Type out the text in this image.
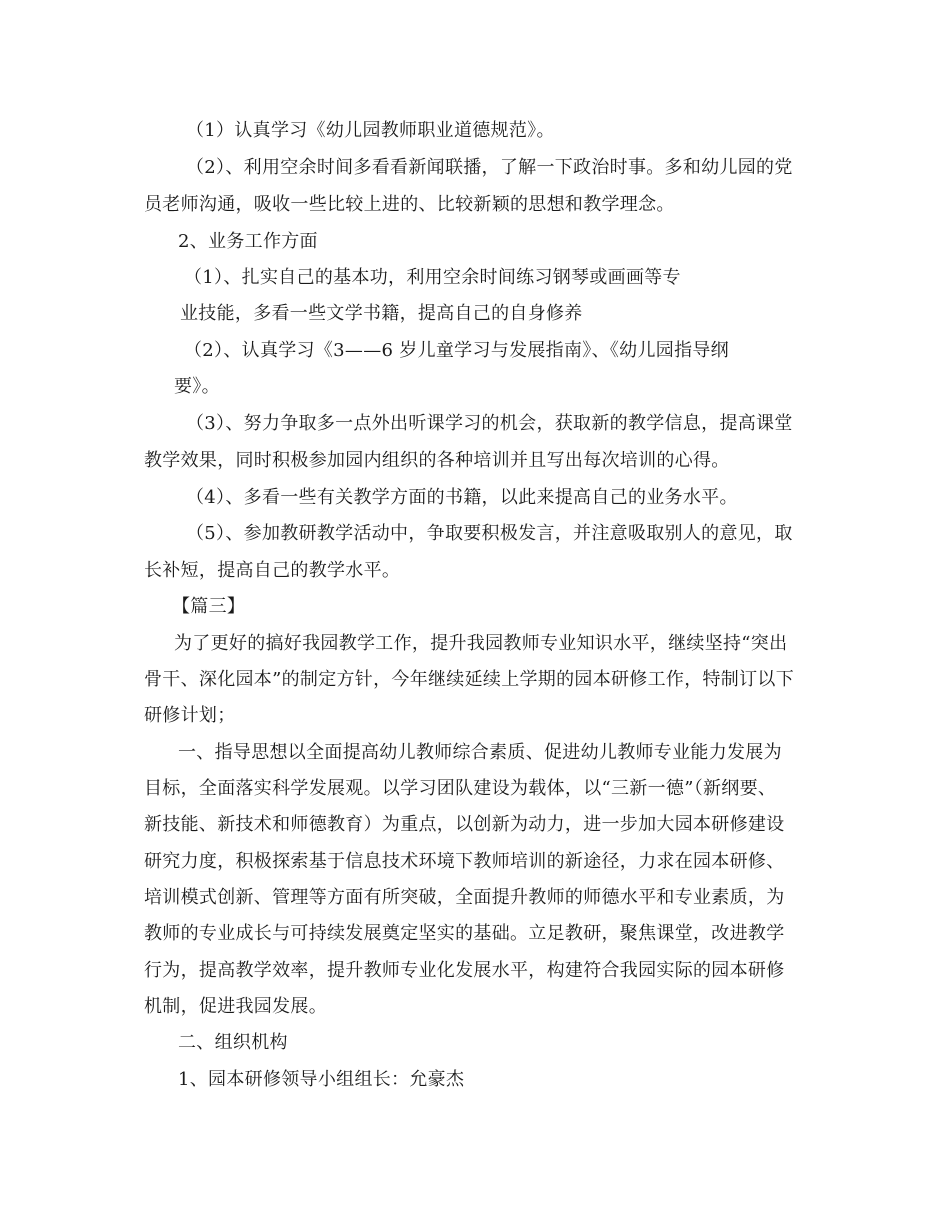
（1）认真学习《幼儿园教师职业道德规范》。
（2）、利用空余时间多看看新闻联播，了解一下政治时事。多和幼儿园的党
员老师沟通，吸收一些比较上进的、比较新颖的思想和教学理念。
2、业务工作方面
（1）、扎实自己的基本功，利用空余时间练习钢琴或画画等专
业技能，多看一些文学书籍，提高自己的自身修养
（2）、认真学习《3——6 岁儿童学习与发展指南》、《幼儿园指导纲
要》。
（3）、努力争取多一点外出听课学习的机会，获取新的教学信息，提高课堂
教学效果，同时积极参加园内组织的各种培训并且写出每次培训的心得。
（4）、多看一些有关教学方面的书籍，以此来提高自己的业务水平。
（5）、参加教研教学活动中，争取要积极发言，并注意吸取别人的意见，取
长补短，提高自己的教学水平。
【篇三】
为了更好的搞好我园教学工作，提升我园教师专业知识水平，继续坚持“突出
骨干、深化园本”的制定方针，今年继续延续上学期的园本研修工作，特制订以下
研修计划；
一、指导思想以全面提高幼儿教师综合素质、促进幼儿教师专业能力发展为
目标，全面落实科学发展观。以学习团队建设为载体，以“三新一德”（新纲要、
新技能、新技术和师德教育）为重点，以创新为动力，进一步加大园本研修建设
研究力度，积极探索基于信息技术环境下教师培训的新途径，力求在园本研修、
培训模式创新、管理等方面有所突破，全面提升教师的师德水平和专业素质，为
教师的专业成长与可持续发展奠定坚实的基础。立足教研，聚焦课堂，改进教学
行为，提高教学效率，提升教师专业化发展水平，构建符合我园实际的园本研修
机制，促进我园发展。
二、组织机构
1、园本研修领导小组组长：允豪杰
